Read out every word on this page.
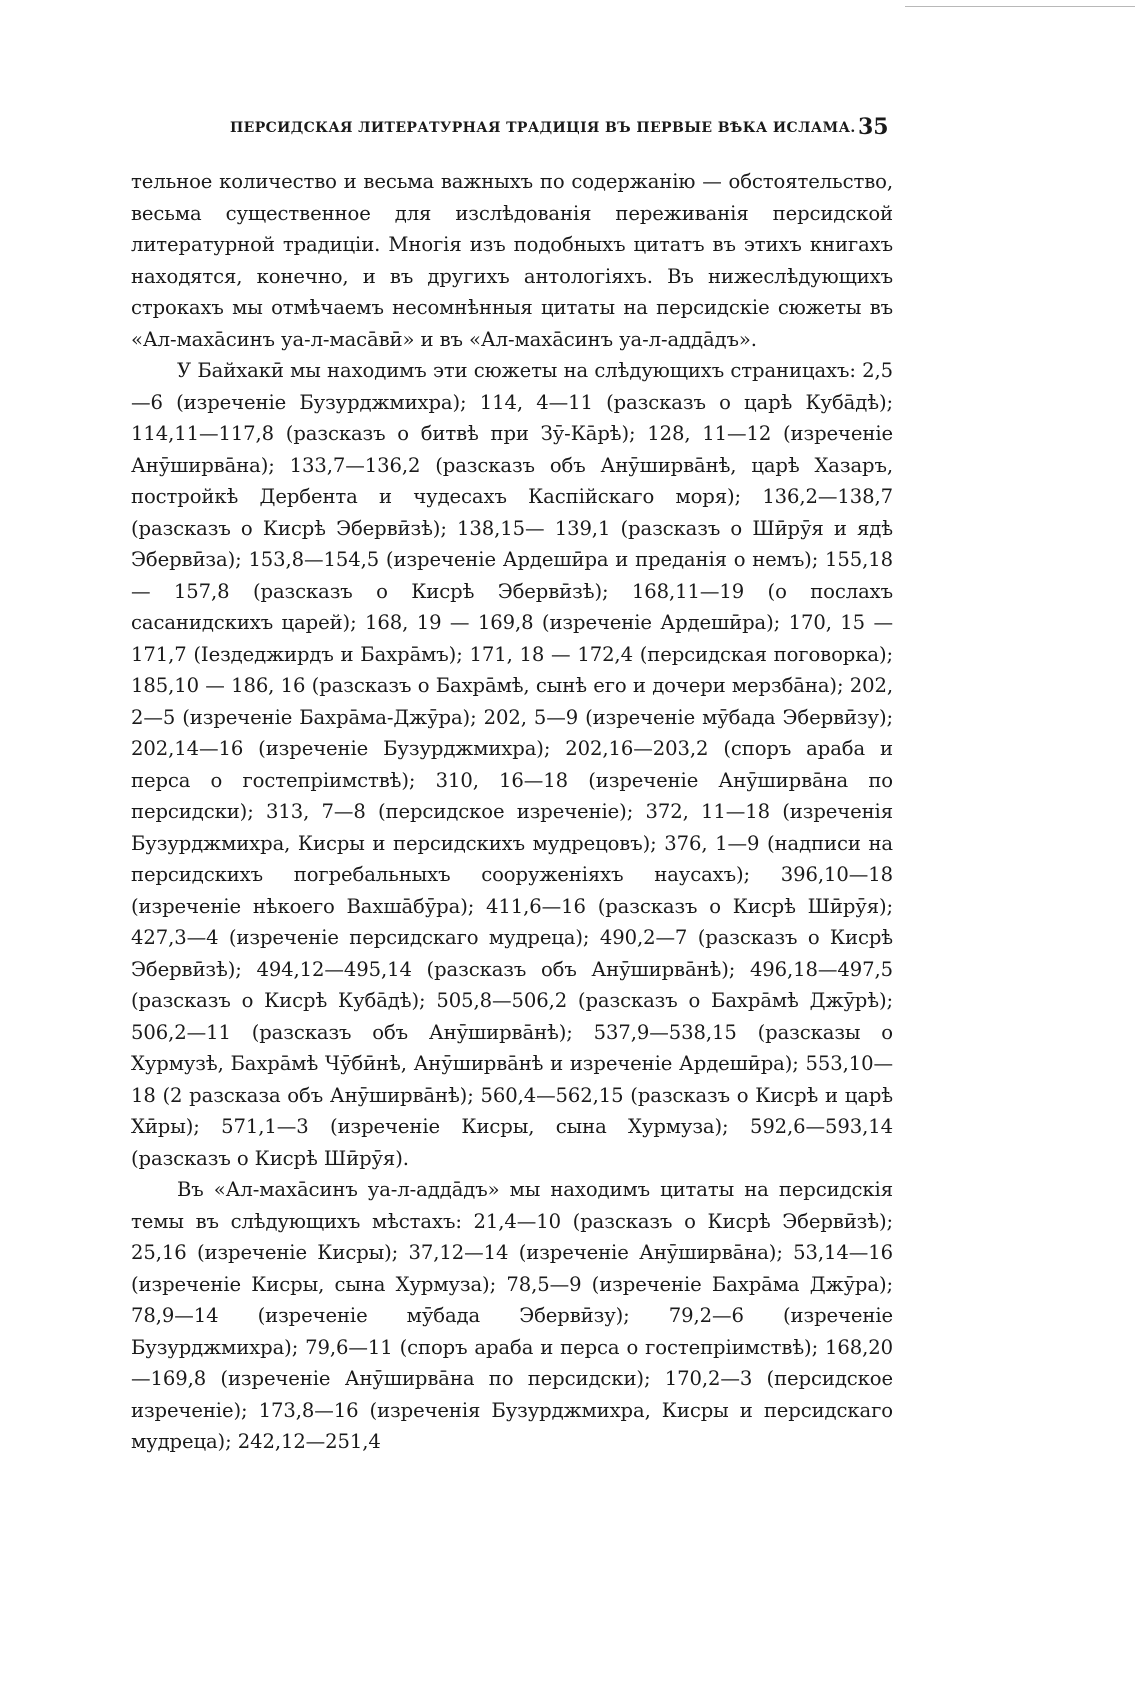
ПЕРСИДСКАЯ ЛИТЕРАТУРНАЯ ТРАДИЦІЯ ВЪ ПЕРВЫЕ ВѢКА ИСЛАМА. 35

тельное количество и весьма важныхъ по содержанію — обстоятельство, весьма существенное для изслѣдованія переживанія персидской литературной традиціи. Многія изъ подобныхъ цитатъ въ этихъ книгахъ находятся, конечно, и въ другихъ антологіяхъ. Въ нижеслѣдующихъ строкахъ мы отмѣчаемъ несомнѣнныя цитаты на персидскіе сюжеты въ «Ал-махāсинъ уа-л-масāвӣ» и въ «Ал-махāсинъ уа-л-аддāдъ».

У Байхакӣ мы находимъ эти сюжеты на слѣдующихъ страницахъ: 2,5—6 (изреченіе Бузурджмихра); 114, 4—11 (разсказъ о царѣ Кубāдѣ); 114,11—117,8 (разсказъ о битвѣ при Зӯ-Кāрѣ); 128, 11—12 (изреченіе Анӯширвāна); 133,7—136,2 (разсказъ объ Анӯширвāнѣ, царѣ Хазаръ, постройкѣ Дербента и чудесахъ Каспійскаго моря); 136,2—138,7 (разсказъ о Кисрѣ Эбервӣзѣ); 138,15— 139,1 (разсказъ о Шӣрӯя и ядѣ Эбервӣза); 153,8—154,5 (изреченіе Ардешӣра и преданія о немъ); 155,18— 157,8 (разсказъ о Кисрѣ Эбервӣзѣ); 168,11—19 (о послахъ сасанидскихъ царей); 168, 19 — 169,8 (изреченіе Ардешӣра); 170, 15 — 171,7 (Іездеджирдъ и Бахрāмъ); 171, 18 — 172,4 (персидская поговорка); 185,10 — 186, 16 (разсказъ о Бахрāмѣ, сынѣ его и дочери мерзбāна); 202, 2—5 (изреченіе Бахрāма-Джӯра); 202, 5—9 (изреченіе мӯбада Эбервӣзу); 202,14—16 (изреченіе Бузурджмихра); 202,16—203,2 (споръ араба и перса о гостепріимствѣ); 310, 16—18 (изреченіе Анӯширвāна по персидски); 313, 7—8 (персидское изреченіе); 372, 11—18 (изреченія Бузурджмихра, Кисры и персидскихъ мудрецовъ); 376, 1—9 (надписи на персидскихъ погребальныхъ сооруженіяхъ наусахъ); 396,10—18 (изреченіе нѣкоего Вахшāбӯра); 411,6—16 (разсказъ о Кисрѣ Шӣрӯя); 427,3—4 (изреченіе персидскаго мудреца); 490,2—7 (разсказъ о Кисрѣ Эбервӣзѣ); 494,12—495,14 (разсказъ объ Анӯширвāнѣ); 496,18—497,5 (разсказъ о Кисрѣ Кубāдѣ); 505,8—506,2 (разсказъ о Бахрāмѣ Джӯрѣ); 506,2—11 (разсказъ объ Анӯширвāнѣ); 537,9—538,15 (разсказы о Хурмузѣ, Бахрāмѣ Чӯбӣнѣ, Анӯширвāнѣ и изреченіе Ардешӣра); 553,10—18 (2 разсказа объ Анӯширвāнѣ); 560,4—562,15 (разсказъ о Кисрѣ и царѣ Хӣры); 571,1—3 (изреченіе Кисры, сына Хурмуза); 592,6—593,14 (разсказъ о Кисрѣ Шӣрӯя).

Въ «Ал-махāсинъ уа-л-аддāдъ» мы находимъ цитаты на персидскія темы въ слѣдующихъ мѣстахъ: 21,4—10 (разсказъ о Кисрѣ Эбервӣзѣ); 25,16 (изреченіе Кисры); 37,12—14 (изреченіе Анӯширвāна); 53,14—16 (изреченіе Кисры, сына Хурмуза); 78,5—9 (изреченіе Бахрāма Джӯра); 78,9—14 (изреченіе мӯбада Эбервӣзу); 79,2—6 (изреченіе Бузурджмихра); 79,6—11 (споръ араба и перса о гостепріимствѣ); 168,20—169,8 (изреченіе Анӯширвāна по персидски); 170,2—3 (персидское изреченіе); 173,8—16 (изреченія Бузурджмихра, Кисры и персидскаго мудреца); 242,12—251,4
